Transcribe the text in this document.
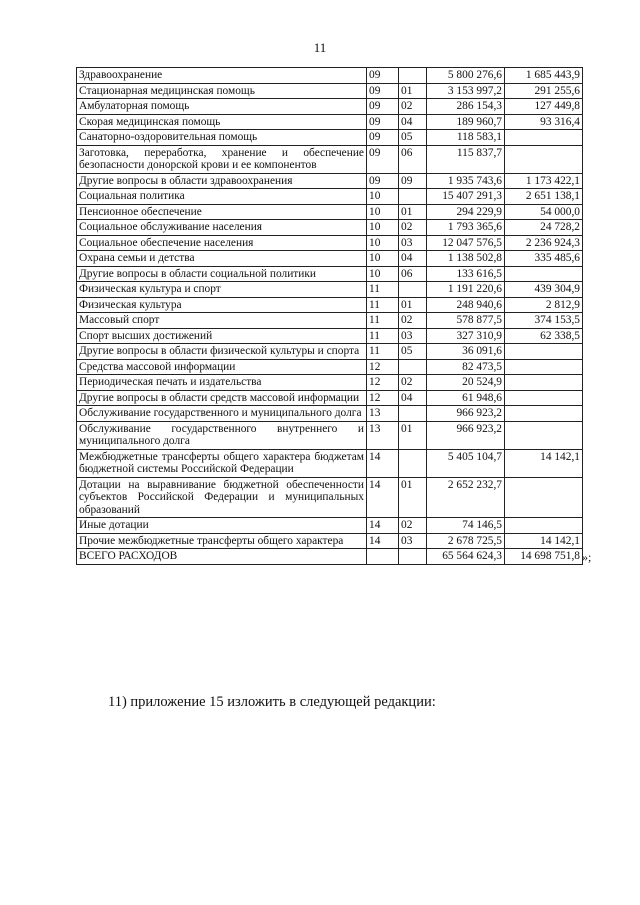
11
Здравоохранение	09		5 800 276,6	1 685 443,9
Стационарная медицинская помощь	09	01	3 153 997,2	291 255,6
Амбулаторная помощь	09	02	286 154,3	127 449,8
Скорая медицинская помощь	09	04	189 960,7	93 316,4
Санаторно-оздоровительная помощь	09	05	118 583,1	
Заготовка, переработка, хранение и обеспечение безопасности донорской крови и ее компонентов	09	06	115 837,7	
Другие вопросы в области здравоохранения	09	09	1 935 743,6	1 173 422,1
Социальная политика	10		15 407 291,3	2 651 138,1
Пенсионное обеспечение	10	01	294 229,9	54 000,0
Социальное обслуживание населения	10	02	1 793 365,6	24 728,2
Социальное обеспечение населения	10	03	12 047 576,5	2 236 924,3
Охрана семьи и детства	10	04	1 138 502,8	335 485,6
Другие вопросы в области социальной политики	10	06	133 616,5	
Физическая культура и спорт	11		1 191 220,6	439 304,9
Физическая культура	11	01	248 940,6	2 812,9
Массовый спорт	11	02	578 877,5	374 153,5
Спорт высших достижений	11	03	327 310,9	62 338,5
Другие вопросы в области физической культуры и спорта	11	05	36 091,6	
Средства массовой информации	12		82 473,5	
Периодическая печать и издательства	12	02	20 524,9	
Другие вопросы в области средств массовой информации	12	04	61 948,6	
Обслуживание государственного и муниципального долга	13		966 923,2	
Обслуживание государственного внутреннего и муниципального долга	13	01	966 923,2	
Межбюджетные трансферты общего характера бюджетам бюджетной системы Российской Федерации	14		5 405 104,7	14 142,1
Дотации на выравнивание бюджетной обеспеченности субъектов Российской Федерации и муниципальных образований	14	01	2 652 232,7	
Иные дотации	14	02	74 146,5	
Прочие межбюджетные трансферты общего характера	14	03	2 678 725,5	14 142,1
ВСЕГО РАСХОДОВ			65 564 624,3	14 698 751,8 »;
11) приложение 15 изложить в следующей редакции:
